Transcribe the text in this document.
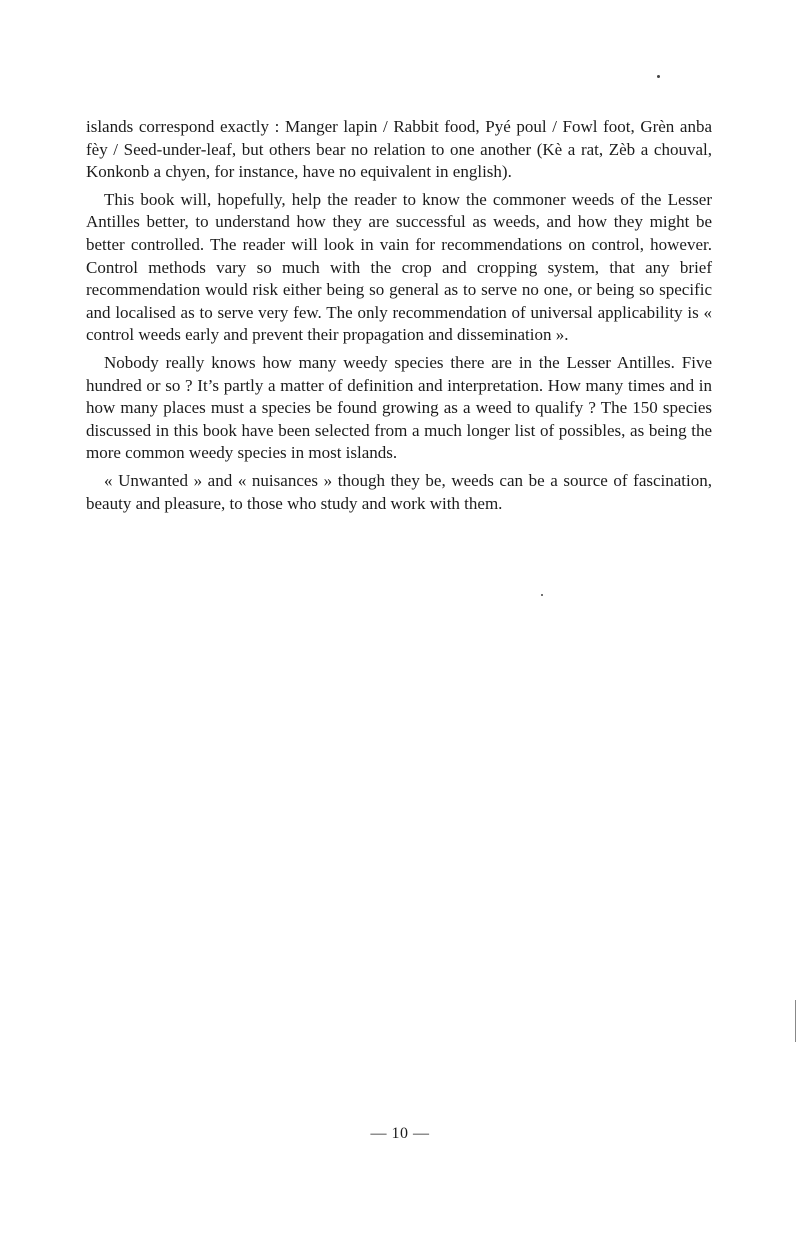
islands correspond exactly : Manger lapin / Rabbit food, Pyé poul / Fowl foot, Grèn anba fèy / Seed-under-leaf, but others bear no relation to one another (Kè a rat, Zèb a chouval, Konkonb a chyen, for instance, have no equivalent in english).

This book will, hopefully, help the reader to know the commoner weeds of the Lesser Antilles better, to understand how they are successful as weeds, and how they might be better controlled. The reader will look in vain for recommendations on control, however. Control methods vary so much with the crop and cropping system, that any brief recommendation would risk either being so general as to serve no one, or being so specific and localised as to serve very few. The only recommendation of universal applicability is « control weeds early and prevent their propagation and dissemination ».

Nobody really knows how many weedy species there are in the Lesser Antilles. Five hundred or so ? It’s partly a matter of definition and interpretation. How many times and in how many places must a species be found growing as a weed to qualify ? The 150 species discussed in this book have been selected from a much longer list of possibles, as being the more common weedy species in most islands.

« Unwanted » and « nuisances » though they be, weeds can be a source of fascination, beauty and pleasure, to those who study and work with them.

— 10 —
